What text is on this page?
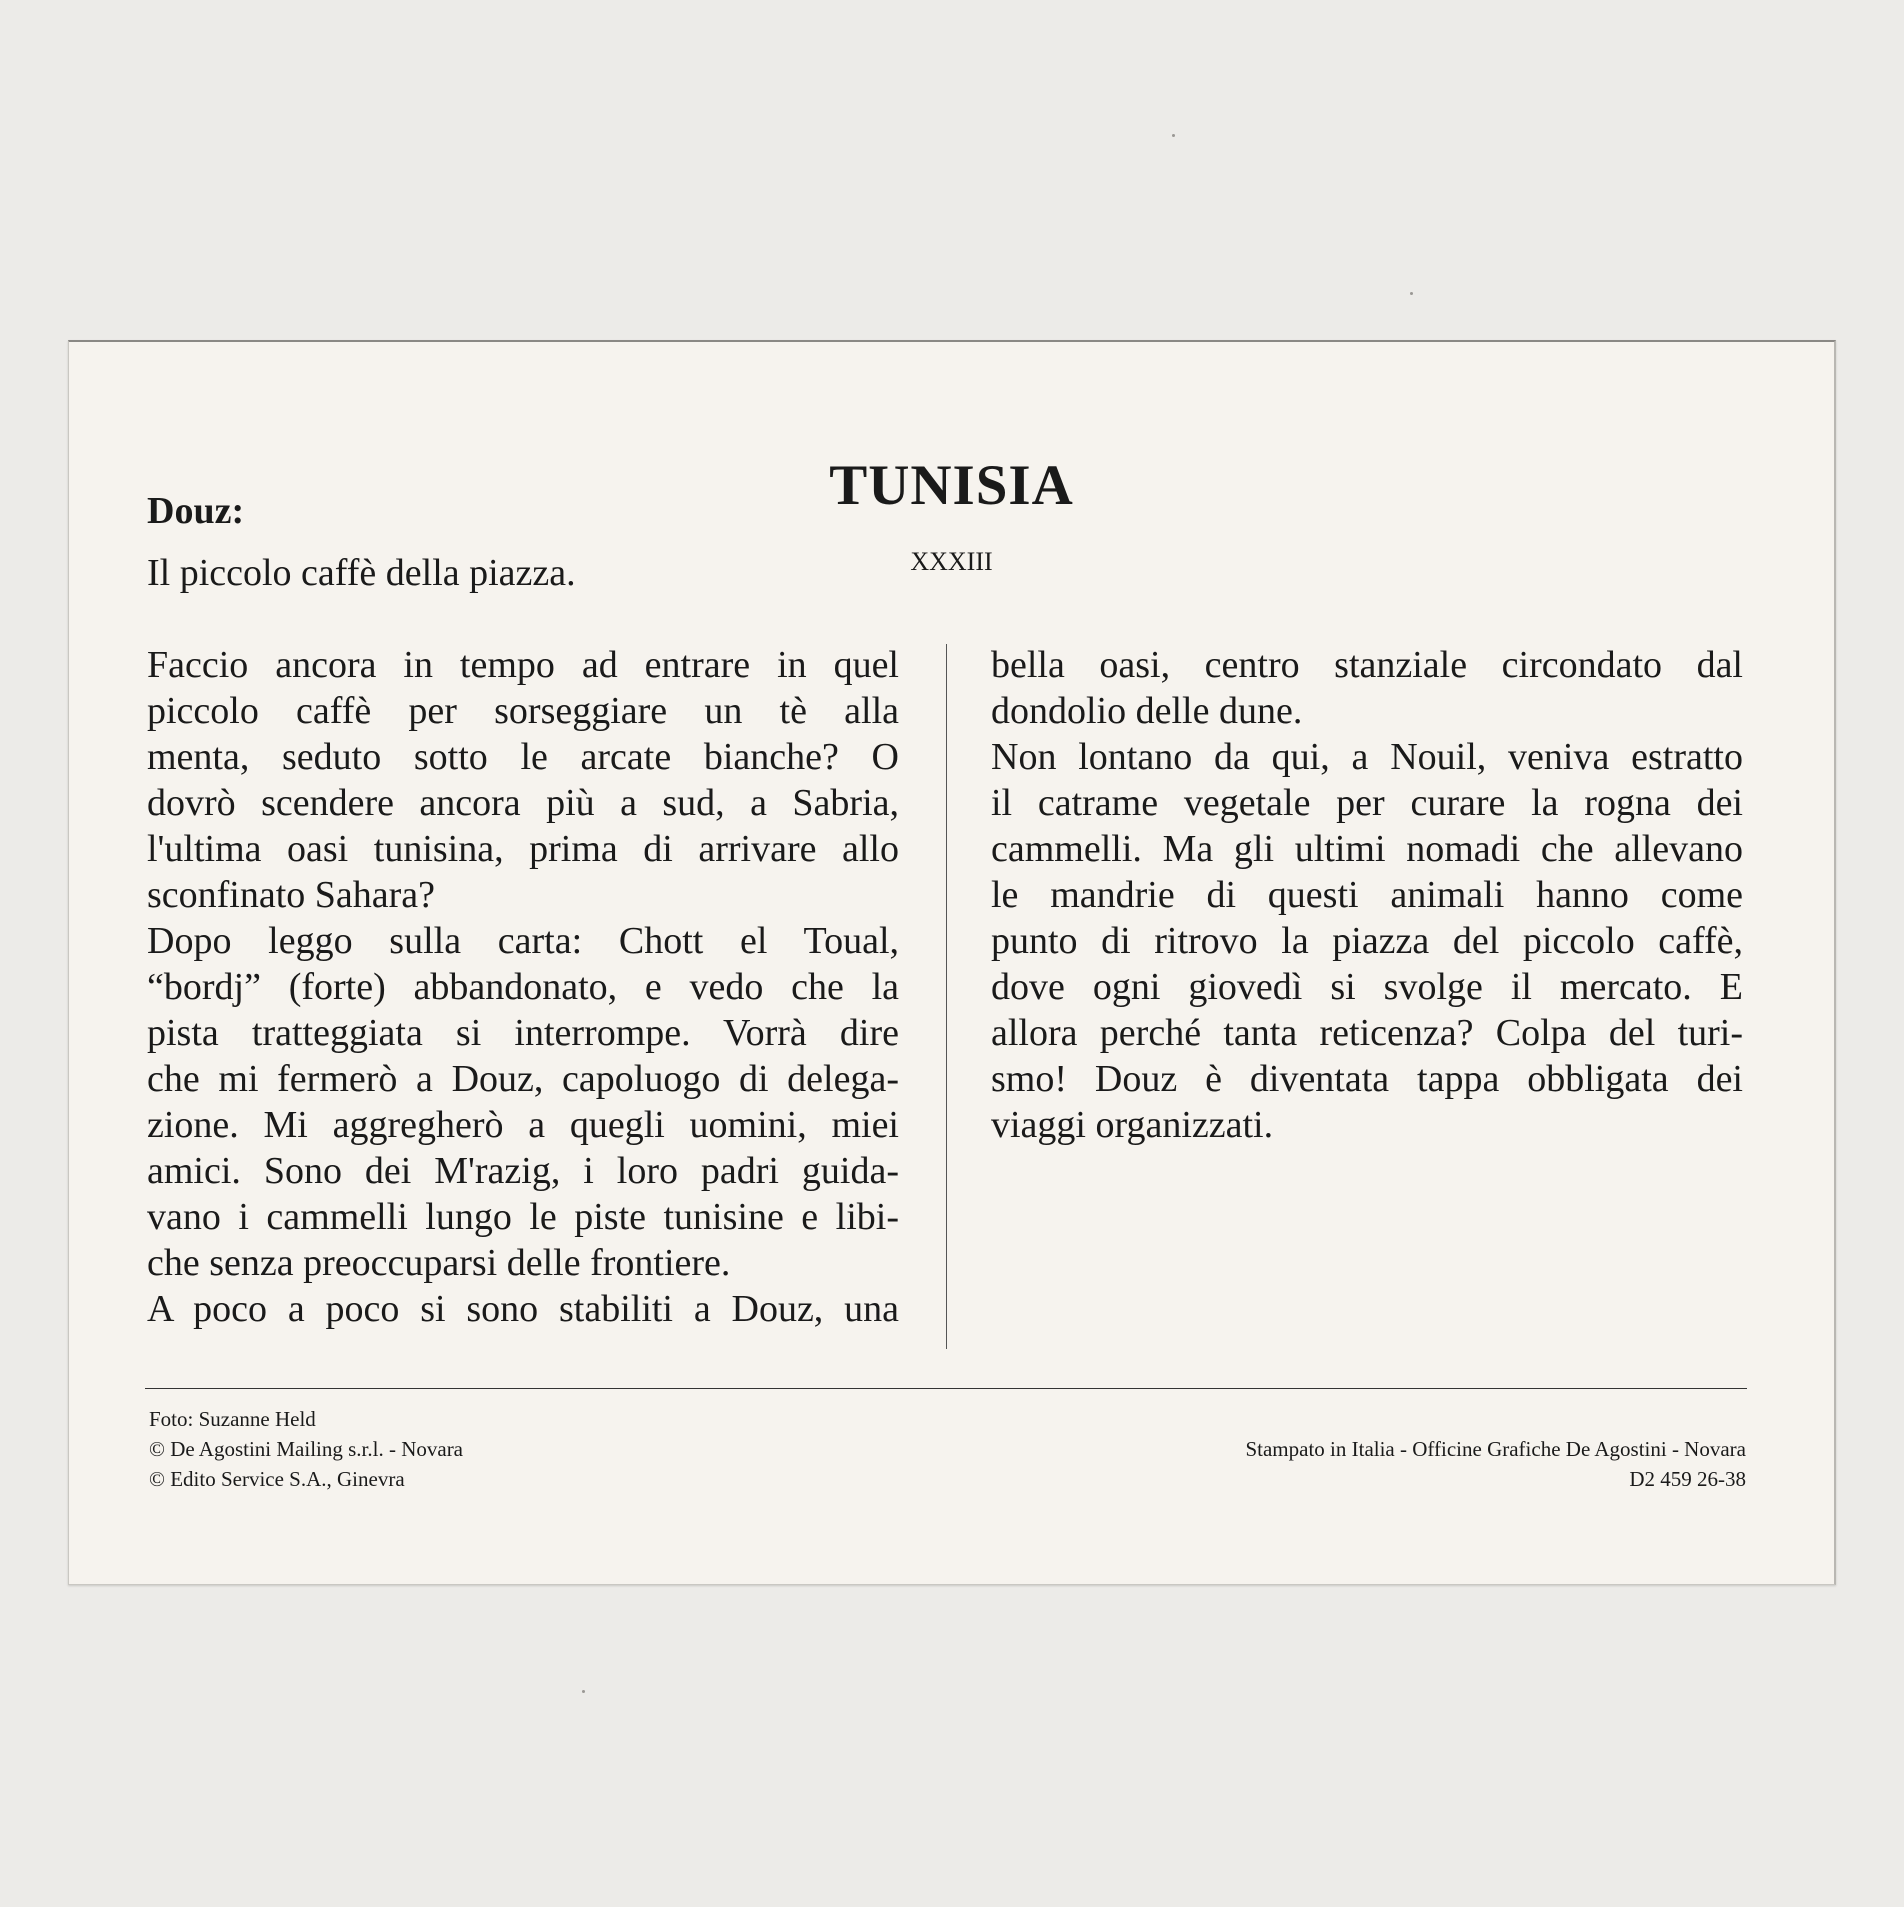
TUNISIA
XXXIII
Douz:
Il piccolo caffè della piazza.
Faccio ancora in tempo ad entrare in quel
piccolo caffè per sorseggiare un tè alla
menta, seduto sotto le arcate bianche? O
dovrò scendere ancora più a sud, a Sabria,
l'ultima oasi tunisina, prima di arrivare allo
sconfinato Sahara?
Dopo leggo sulla carta: Chott el Toual,
“bordj” (forte) abbandonato, e vedo che la
pista tratteggiata si interrompe. Vorrà dire
che mi fermerò a Douz, capoluogo di delega-
zione. Mi aggregherò a quegli uomini, miei
amici. Sono dei M'razig, i loro padri guida-
vano i cammelli lungo le piste tunisine e libi-
che senza preoccuparsi delle frontiere.
A poco a poco si sono stabiliti a Douz, una
bella oasi, centro stanziale circondato dal
dondolio delle dune.
Non lontano da qui, a Nouil, veniva estratto
il catrame vegetale per curare la rogna dei
cammelli. Ma gli ultimi nomadi che allevano
le mandrie di questi animali hanno come
punto di ritrovo la piazza del piccolo caffè,
dove ogni giovedì si svolge il mercato. E
allora perché tanta reticenza? Colpa del turi-
smo! Douz è diventata tappa obbligata dei
viaggi organizzati.
Foto: Suzanne Held
© De Agostini Mailing s.r.l. - Novara
© Edito Service S.A., Ginevra
Stampato in Italia - Officine Grafiche De Agostini - Novara
D2 459 26-38
